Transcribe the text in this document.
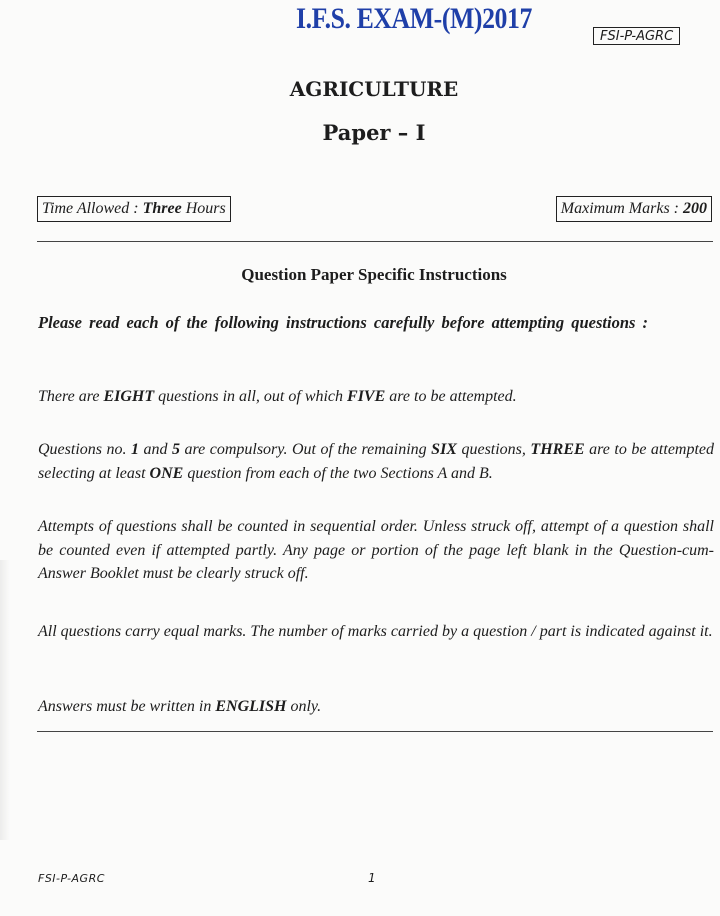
I.F.S. EXAM-(M)2017
FSI-P-AGRC
AGRICULTURE
Paper – I
Time Allowed : Three Hours	Maximum Marks : 200
Question Paper Specific Instructions
Please read each of the following instructions carefully before attempting questions :
There are EIGHT questions in all, out of which FIVE are to be attempted.
Questions no. 1 and 5 are compulsory. Out of the remaining SIX questions, THREE are to be attempted selecting at least ONE question from each of the two Sections A and B.
Attempts of questions shall be counted in sequential order. Unless struck off, attempt of a question shall be counted even if attempted partly. Any page or portion of the page left blank in the Question-cum-Answer Booklet must be clearly struck off.
All questions carry equal marks. The number of marks carried by a question / part is indicated against it.
Answers must be written in ENGLISH only.
FSI-P-AGRC	1
